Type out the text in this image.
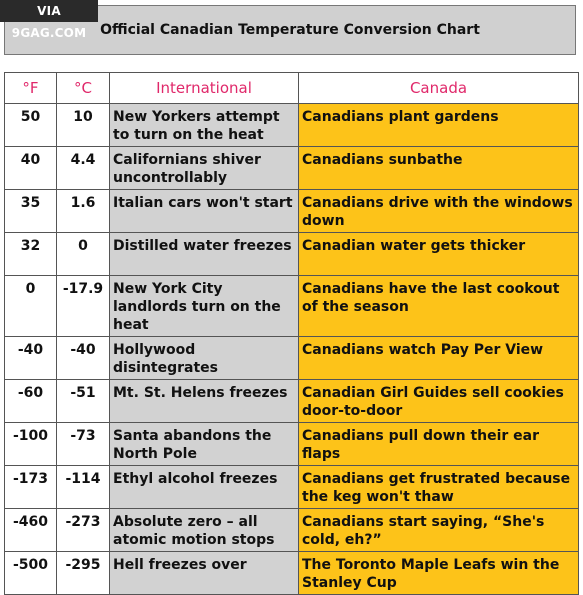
VIA 9GAG.COM Official Canadian Temperature Conversion Chart
°F	°C	International	Canada
50	10	New Yorkers attempt to turn on the heat	Canadians plant gardens
40	4.4	Californians shiver uncontrollably	Canadians sunbathe
35	1.6	Italian cars won't start	Canadians drive with the windows down
32	0	Distilled water freezes	Canadian water gets thicker
0	-17.9	New York City landlords turn on the heat	Canadians have the last cookout of the season
-40	-40	Hollywood disintegrates	Canadians watch Pay Per View
-60	-51	Mt. St. Helens freezes	Canadian Girl Guides sell cookies door-to-door
-100	-73	Santa abandons the North Pole	Canadians pull down their ear flaps
-173	-114	Ethyl alcohol freezes	Canadians get frustrated because the keg won't thaw
-460	-273	Absolute zero – all atomic motion stops	Canadians start saying, “She's cold, eh?”
-500	-295	Hell freezes over	The Toronto Maple Leafs win the Stanley Cup
